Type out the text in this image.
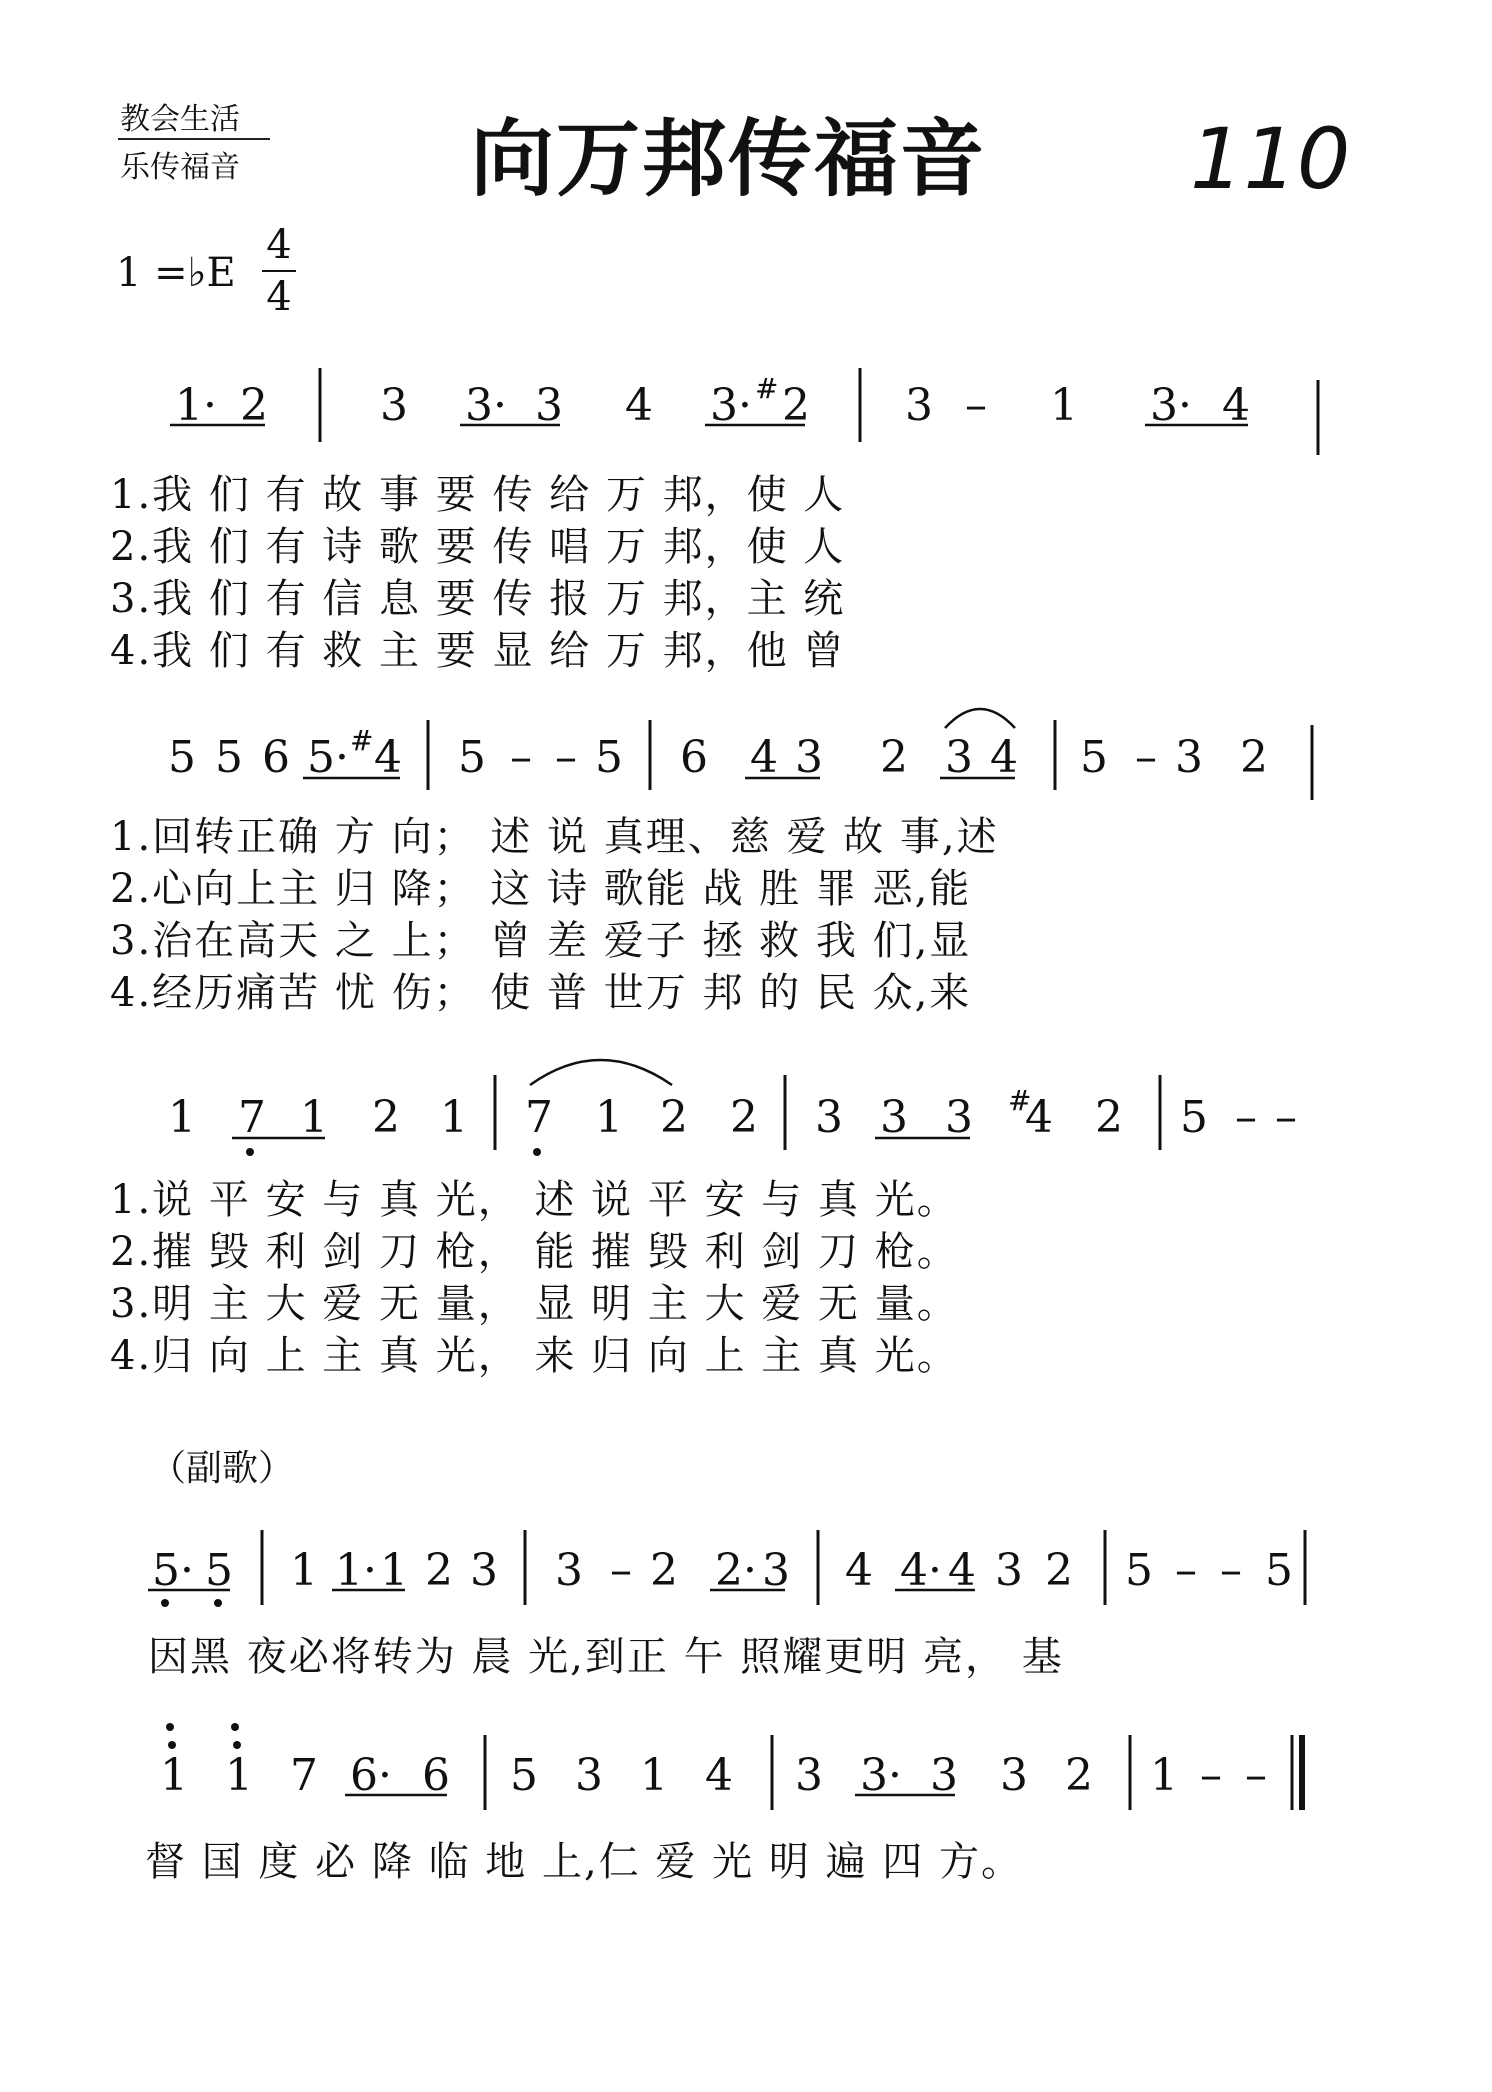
教会生活
乐传福音	向万邦传福音 110
1 =♭E
4
4
1· 2	3 3· 3 4 3· 2 3 – 1 3· 4
5 5 6 5· 4 5 – – 5 6 4 3 2 3 4 5 – 3 2
1 7 1 2 1 7 1 2 2 3 3 3 4 2 5 – –
5· 5 1 1· 1 2 3 3 – 2 2· 3 4 4· 4 3 2 5 – – 5
1 1 7 6· 6 5 3 1 4 3 3· 3 3 2 1 – –
#
#
#
1.我 们 有 故 事 要 传 给 万 邦，使 人
2.我 们 有 诗 歌 要 传 唱 万 邦，使 人
3.我 们 有 信 息 要 传 报 万 邦，主 统
4.我 们 有 救 主 要 显 给 万 邦，他 曾
1.回转正确 方 向； 述 说 真理、慈 爱 故 事,述
2.心向上主 归 降； 这 诗 歌能 战 胜 罪 恶,能
3.治在高天 之 上； 曾 差 爱子 拯 救 我 们,显
4.经历痛苦 忧 伤； 使 普 世万 邦 的 民 众,来
1.说 平 安 与 真 光， 述 说 平 安 与 真 光。
2.摧 毁 利 剑 刀 枪， 能 摧 毁 利 剑 刀 枪。
3.明 主 大 爱 无 量， 显 明 主 大 爱 无 量。
4.归 向 上 主 真 光， 来 归 向 上 主 真 光。
（副歌）
因黑 夜必将转为 晨 光,到正 午 照耀更明 亮， 基
督 国 度 必 降 临 地 上,仁 爱 光 明 遍 四 方。
